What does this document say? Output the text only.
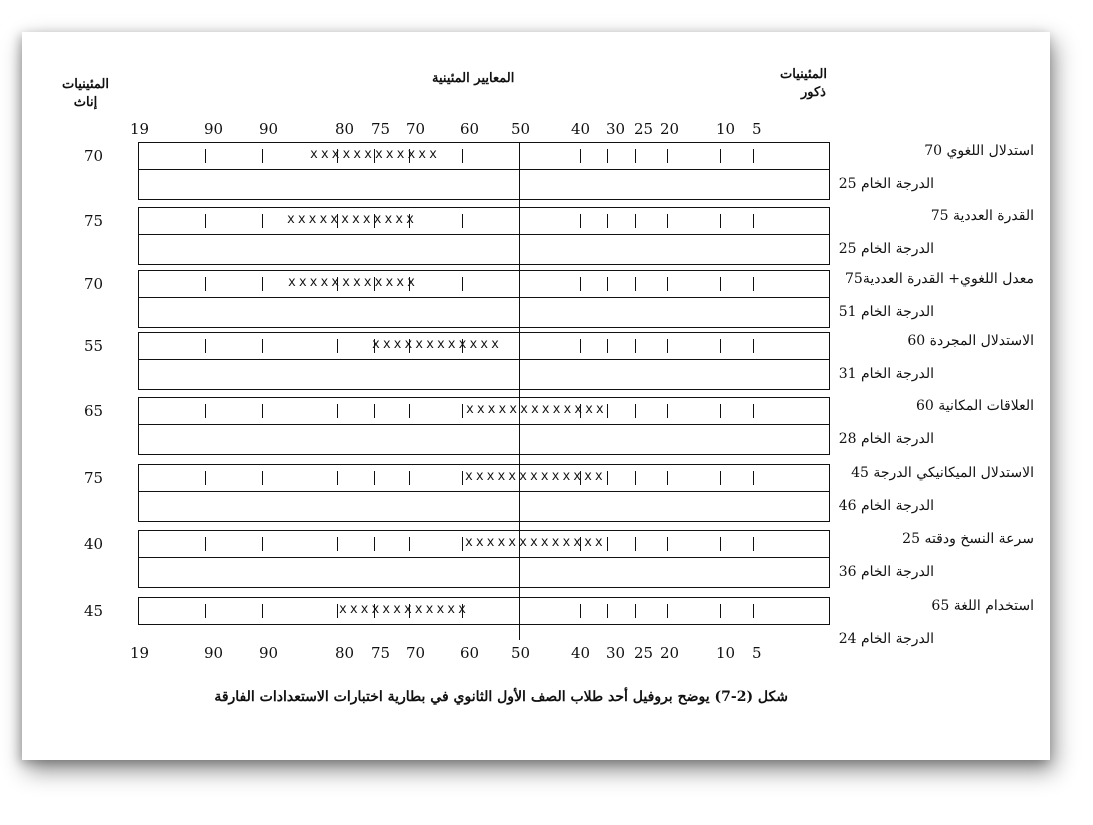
المئينيات
إناث
المعايير المئينية	المئينيات
ذكور
شكل (2-7) يوضح بروفيل أحد طلاب الصف الأول الثانوي في بطارية اختبارات الاستعدادات الفارقة
19	90 90	80 75 70 60 50	40 30 25 20 10 5
19	90 90	80 75 70 60 50	40 30 25 20 10 5
xxxxxxxxxxxx
70	استدلال اللغوي 70
الدرجة الخام 25
xxxxxxxxxxxx
75	القدرة العددية 75
الدرجة الخام 25
xxxxxxxxxxxx
70	معدل اللغوي+ القدرة العددية75
الدرجة الخام 51
xxxxxxxxxxxx
55	الاستدلال المجردة 60
الدرجة الخام 31
xxxxxxxxxxxxx
65	العلاقات المكانية 60
الدرجة الخام 28
xxxxxxxxxxxxx
75	الاستدلال الميكانيكي الدرجة 45
الدرجة الخام 46
xxxxxxxxxxxxx
40	سرعة النسخ ودقته 25
الدرجة الخام 36
xxxxxxxxxxxx
45	استخدام اللغة 65
الدرجة الخام 24
